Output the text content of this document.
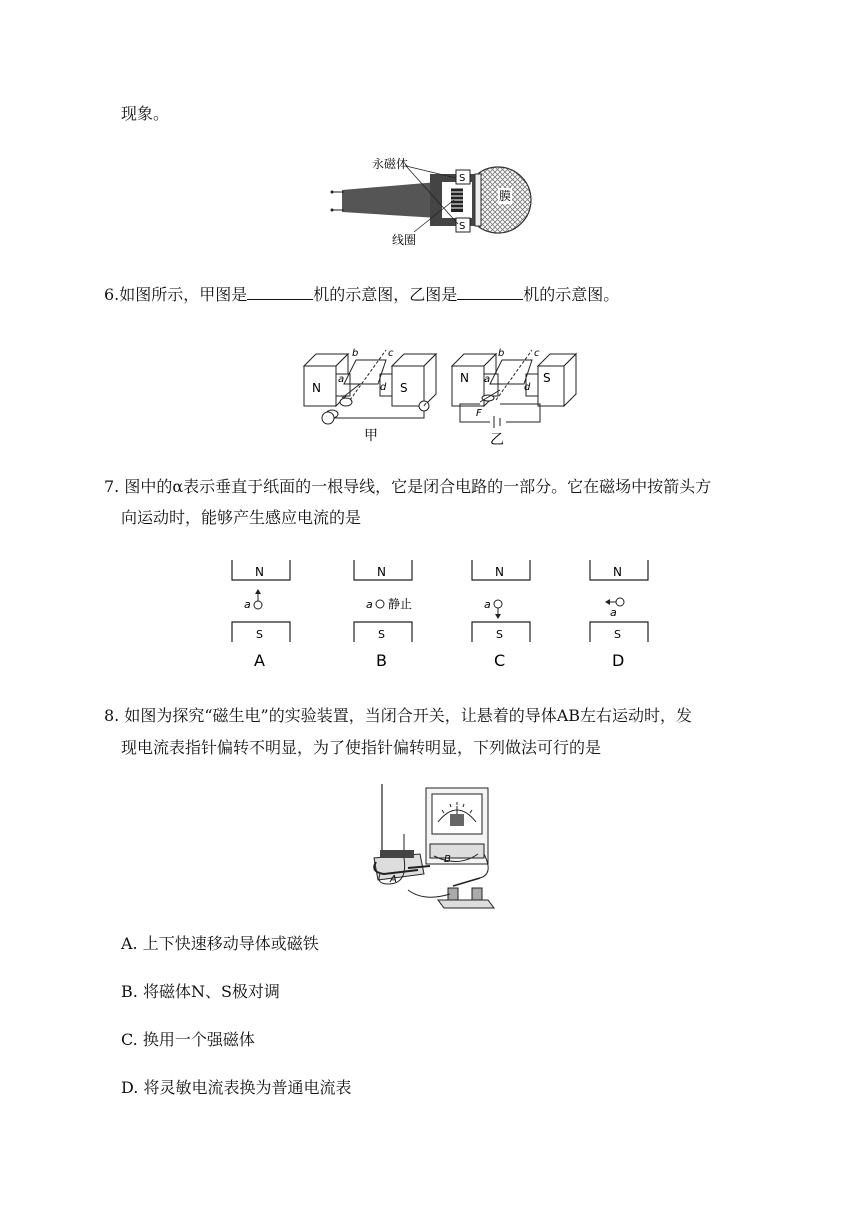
现象。
S
S
永磁体
线圈
膜
6.如图所示，甲图是	机的示意图，乙图是	机的示意图。
N	S
b	c
a
d
甲
N	S
b	c
a
d
F
乙
7. 图中的α表示垂直于纸面的一根导线，它是闭合电路的一部分。它在磁场中按箭头方
向运动时，能够产生感应电流的是
N
a
S
A
N
a 静止
S
B
N
a
S
C
N
a
S
D
8. 如图为探究“磁生电”的实验装置，当闭合开关，让悬着的导体AB左右运动时，发
现电流表指针偏转不明显，为了使指针偏转明显，下列做法可行的是
A
B
A. 上下快速移动导体或磁铁
B. 将磁体N、S极对调
C. 换用一个强磁体
D. 将灵敏电流表换为普通电流表
